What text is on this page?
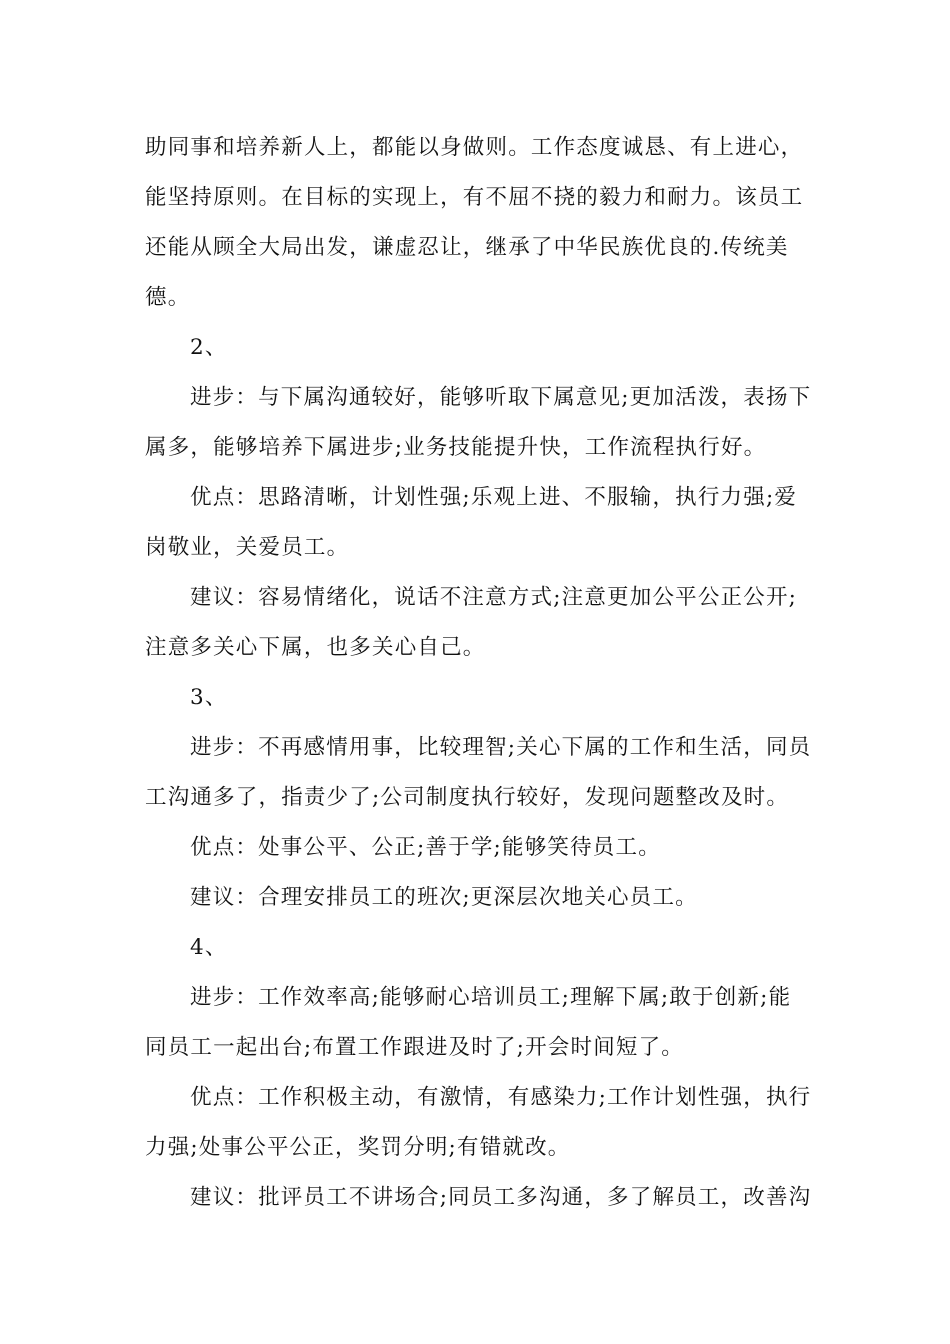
助同事和培养新人上，都能以身做则。工作态度诚恳、有上进心，
能坚持原则。在目标的实现上，有不屈不挠的毅力和耐力。该员工
还能从顾全大局出发，谦虚忍让，继承了中华民族优良的.传统美
德。
2、
进步：与下属沟通较好，能够听取下属意见;更加活泼，表扬下
属多，能够培养下属进步;业务技能提升快，工作流程执行好。
优点：思路清晰，计划性强;乐观上进、不服输，执行力强;爱
岗敬业，关爱员工。
建议：容易情绪化，说话不注意方式;注意更加公平公正公开;
注意多关心下属，也多关心自己。
3、
进步：不再感情用事，比较理智;关心下属的工作和生活，同员
工沟通多了，指责少了;公司制度执行较好，发现问题整改及时。
优点：处事公平、公正;善于学;能够笑待员工。
建议：合理安排员工的班次;更深层次地关心员工。
4、
进步：工作效率高;能够耐心培训员工;理解下属;敢于创新;能
同员工一起出台;布置工作跟进及时了;开会时间短了。
优点：工作积极主动，有激情，有感染力;工作计划性强，执行
力强;处事公平公正，奖罚分明;有错就改。
建议：批评员工不讲场合;同员工多沟通，多了解员工，改善沟
